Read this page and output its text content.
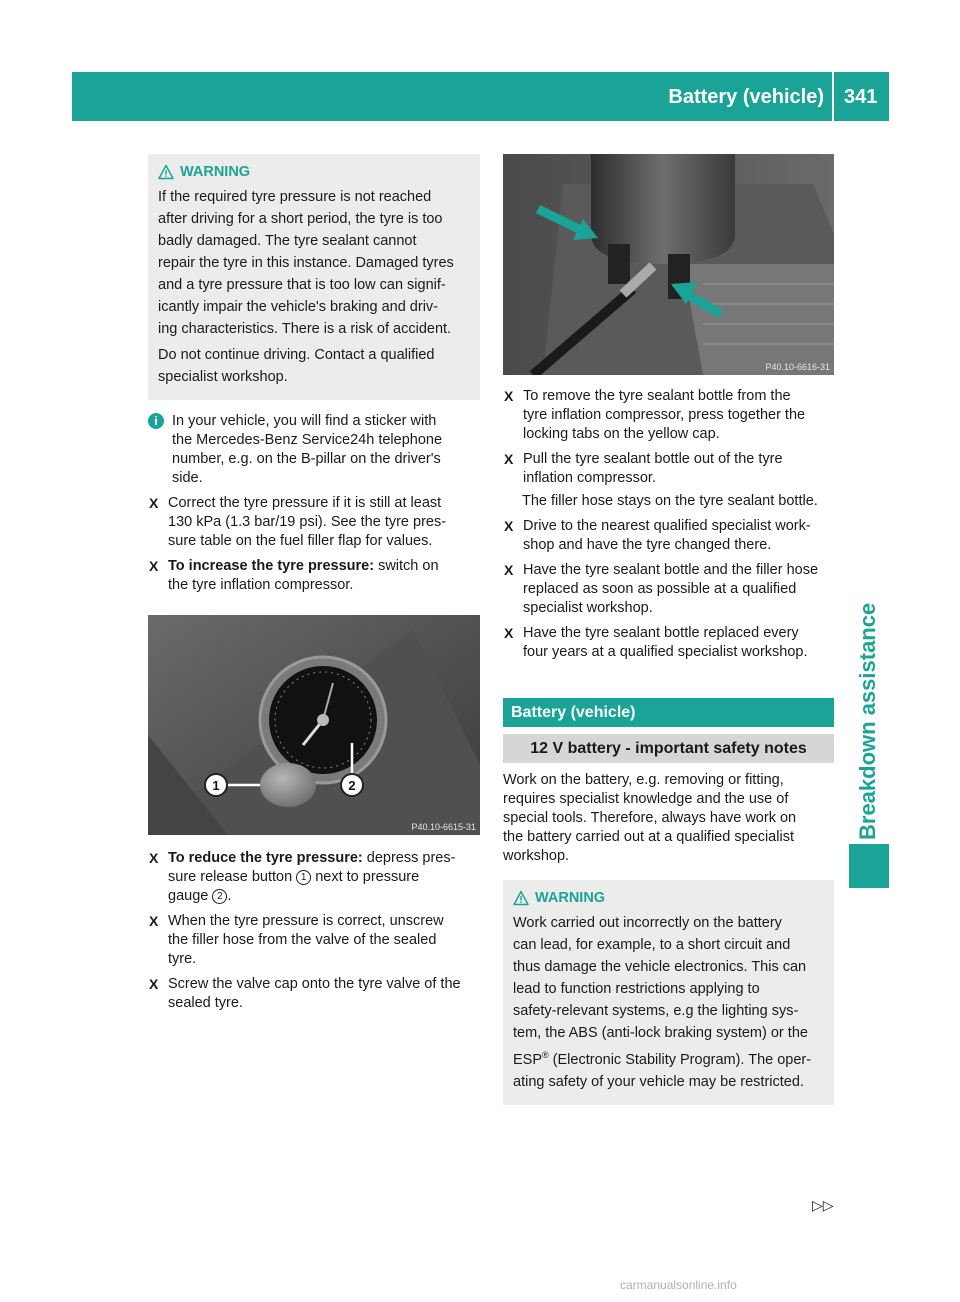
Battery (vehicle) 341
Breakdown assistance
WARNING

If the required tyre pressure is not reached
after driving for a short period, the tyre is too
badly damaged. The tyre sealant cannot
repair the tyre in this instance. Damaged tyres
and a tyre pressure that is too low can signif-
icantly impair the vehicle's braking and driv-
ing characteristics. There is a risk of accident.

Do not continue driving. Contact a qualified
specialist workshop.

i In your vehicle, you will find a sticker with
the Mercedes-Benz Service24h telephone
number, e.g. on the B-pillar on the driver's
side.
X Correct the tyre pressure if it is still at least
130 kPa (1.3 bar/19 psi). See the tyre pres-
sure table on the fuel filler flap for values.
X To increase the tyre pressure: switch on
the tyre inflation compressor.
1	2
P40.10-6615-31
X To reduce the tyre pressure: depress pres-
sure release button 1 next to pressure
gauge 2 .
X When the tyre pressure is correct, unscrew
the filler hose from the valve of the sealed
tyre.
X Screw the valve cap onto the tyre valve of the
sealed tyre.
P40.10-6616-31
X To remove the tyre sealant bottle from the
tyre inflation compressor, press together the
locking tabs on the yellow cap.
X Pull the tyre sealant bottle out of the tyre
inflation compressor.

The filler hose stays on the tyre sealant bottle.

X Drive to the nearest qualified specialist work-
shop and have the tyre changed there.
X Have the tyre sealant bottle and the filler hose
replaced as soon as possible at a qualified
specialist workshop.
X Have the tyre sealant bottle replaced every
four years at a qualified specialist workshop.
Battery (vehicle)
12 V battery - important safety notes

Work on the battery, e.g. removing or fitting,
requires specialist knowledge and the use of
special tools. Therefore, always have work on
the battery carried out at a qualified specialist
workshop.

WARNING

Work carried out incorrectly on the battery
can lead, for example, to a short circuit and
thus damage the vehicle electronics. This can
lead to function restrictions applying to
safety-relevant systems, e.g the lighting sys-
tem, the ABS (anti-lock braking system) or the
ESP® (Electronic Stability Program). The oper-
ating safety of your vehicle may be restricted.

▷▷
carmanualsonline.info
